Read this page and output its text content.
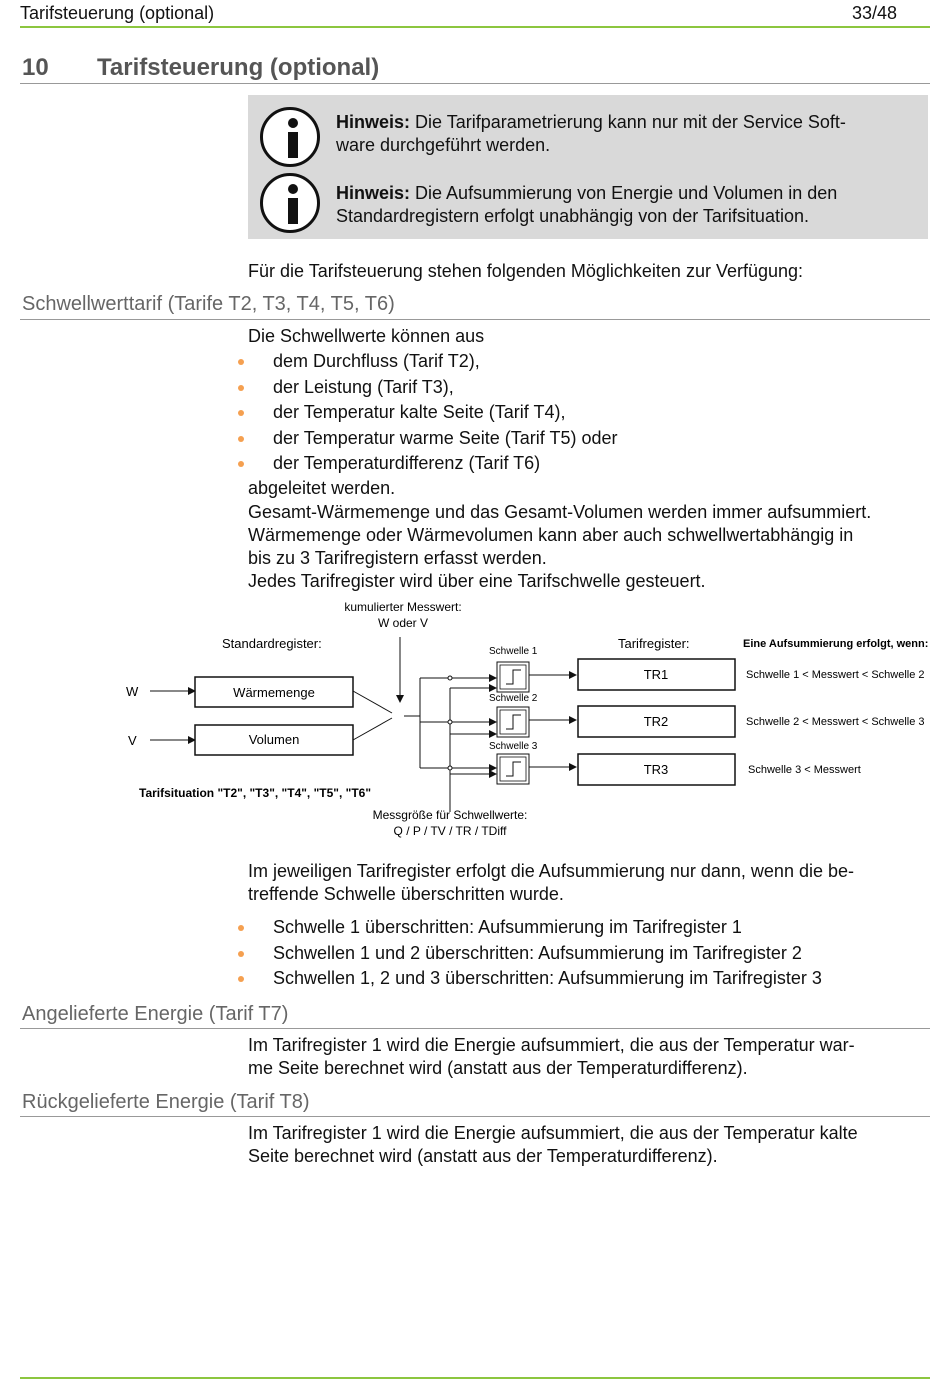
Tarifsteuerung (optional)	33/48
10 Tarifsteuerung (optional)
Hinweis: Die Tarifparametrierung kann nur mit der Service Soft-
ware durchgeführt werden.
Hinweis: Die Aufsummierung von Energie und Volumen in den
Standardregistern erfolgt unabhängig von der Tarifsituation.
Für die Tarifsteuerung stehen folgenden Möglichkeiten zur Verfügung:
Schwellwerttarif (Tarife T2, T3, T4, T5, T6)
Die Schwellwerte können aus
dem Durchfluss (Tarif T2),
der Leistung (Tarif T3),
der Temperatur kalte Seite (Tarif T4),
der Temperatur warme Seite (Tarif T5) oder
der Temperaturdifferenz (Tarif T6)
abgeleitet werden.
Gesamt-Wärmemenge und das Gesamt-Volumen werden immer aufsummiert.
Wärmemenge oder Wärmevolumen kann aber auch schwellwertabhängig in
bis zu 3 Tarifregistern erfasst werden.
Jedes Tarifregister wird über eine Tarifschwelle gesteuert.
kumulierter Messwert:
W oder V
Standardregister:	Tarifregister:	Eine Aufsummierung erfolgt, wenn:
W
V
Wärmemenge
Volumen
Schwelle 1
Schwelle 2
Schwelle 3
TR1
TR2
TR3
Schwelle 1 < Messwert < Schwelle 2
Schwelle 2 < Messwert < Schwelle 3
Schwelle 3 < Messwert
Tarifsituation "T2", "T3", "T4", "T5", "T6"
Messgröße für Schwellwerte:
Q / P / TV / TR / TDiff
Im jeweiligen Tarifregister erfolgt die Aufsummierung nur dann, wenn die be-
treffende Schwelle überschritten wurde.
Schwelle 1 überschritten: Aufsummierung im Tarifregister 1
Schwellen 1 und 2 überschritten: Aufsummierung im Tarifregister 2
Schwellen 1, 2 und 3 überschritten: Aufsummierung im Tarifregister 3
Angelieferte Energie (Tarif T7)
Im Tarifregister 1 wird die Energie aufsummiert, die aus der Temperatur war-
me Seite berechnet wird (anstatt aus der Temperaturdifferenz).
Rückgelieferte Energie (Tarif T8)
Im Tarifregister 1 wird die Energie aufsummiert, die aus der Temperatur kalte
Seite berechnet wird (anstatt aus der Temperaturdifferenz).
